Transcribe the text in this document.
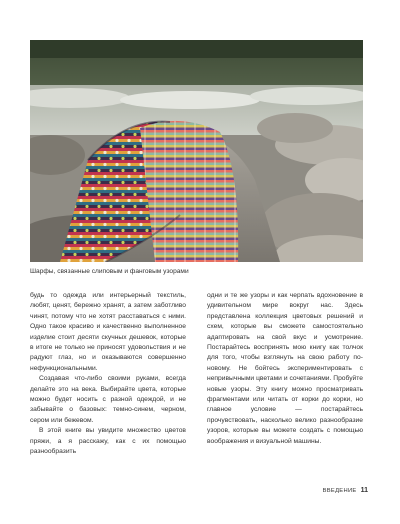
Шарфы, связанные слиповым и фанговым узорами

будь то одежда или интерьерный текстиль, любят, ценят, бережно хранят, а затем заботливо чинят, потому что не хотят расставаться с ними. Одно такое красиво и качественно выполненное изделие стоит десяти скучных дешевок, которые в итоге не только не приносят удовольствия и не радуют глаз, но и оказываются совершенно нефункциональными.

Создавая что-либо своими руками, всегда делайте это на века. Выбирайте цвета, которые можно будет носить с разной одеждой, и не забывайте о базовых: темно-синем, черном, сером или бежевом.

В этой книге вы увидите множество цветов пряжи, а я расскажу, как с их помощью разнообразить

одни и те же узоры и как черпать вдохновение в удивительном мире вокруг нас. Здесь представлена коллекция цветовых решений и схем, которые вы сможете самостоятельно адаптировать на свой вкус и усмотрение. Постарайтесь воспринять мою книгу как толчок для того, чтобы взглянуть на свою работу по-новому. Не бойтесь экспериментировать с непривычными цветами и сочетаниями. Пробуйте новые узоры. Эту книгу можно просматривать фрагментами или читать от корки до корки, но главное условие — постарайтесь прочувствовать, насколько велико разнообразие узоров, которые вы можете создать с помощью воображения и визуальной машины.

ВВЕДЕНИЕ 11
